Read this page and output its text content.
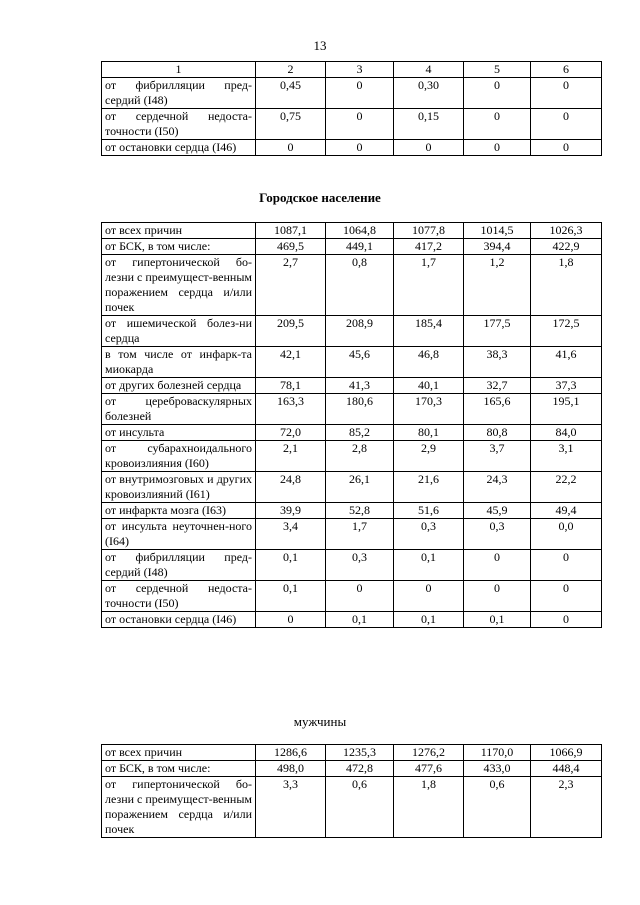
13
1	2	3	4	5	6
от фибрилляции пред-сердий (I48)	0,45	0	0,30	0	0
от сердечной недоста-точности (I50)	0,75	0	0,15	0	0
от остановки сердца (I46)	0	0	0	0	0
Городское население
от всех причин	1087,1	1064,8	1077,8	1014,5	1026,3
от БСК, в том числе:	469,5	449,1	417,2	394,4	422,9
от гипертонической бо-лезни с преимущест-венным поражением сердца и/или почек	2,7	0,8	1,7	1,2	1,8
от ишемической болез-ни сердца	209,5	208,9	185,4	177,5	172,5
в том числе от инфарк-та миокарда	42,1	45,6	46,8	38,3	41,6
от других болезней сердца	78,1	41,3	40,1	32,7	37,3
от цереброваскулярных болезней	163,3	180,6	170,3	165,6	195,1
от инсульта	72,0	85,2	80,1	80,8	84,0
от субарахноидального кровоизлияния (I60)	2,1	2,8	2,9	3,7	3,1
от внутримозговых и других кровоизлияний (I61)	24,8	26,1	21,6	24,3	22,2
от инфаркта мозга (I63)	39,9	52,8	51,6	45,9	49,4
от инсульта неуточнен-ного (I64)	3,4	1,7	0,3	0,3	0,0
от фибрилляции пред-сердий (I48)	0,1	0,3	0,1	0	0
от сердечной недоста-точности (I50)	0,1	0	0	0	0
от остановки сердца (I46)	0	0,1	0,1	0,1	0
мужчины
от всех причин	1286,6	1235,3	1276,2	1170,0	1066,9
от БСК, в том числе:	498,0	472,8	477,6	433,0	448,4
от гипертонической бо-лезни с преимущест-венным поражением сердца и/или почек	3,3	0,6	1,8	0,6	2,3
